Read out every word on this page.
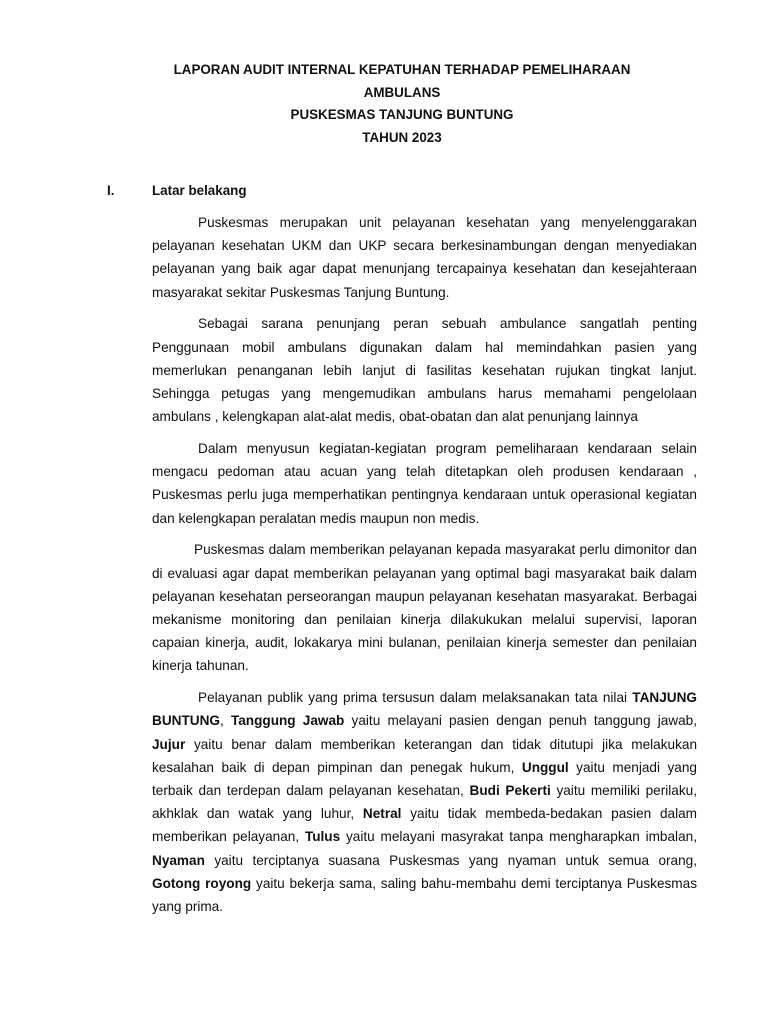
LAPORAN AUDIT INTERNAL KEPATUHAN TERHADAP PEMELIHARAAN
AMBULANS
PUSKESMAS TANJUNG BUNTUNG
TAHUN 2023
I.	Latar belakang

Puskesmas merupakan unit pelayanan kesehatan yang menyelenggarakan pelayanan kesehatan UKM dan UKP secara berkesinambungan dengan menyediakan pelayanan yang baik agar dapat menunjang tercapainya kesehatan dan kesejahteraan masyarakat sekitar Puskesmas Tanjung Buntung.

Sebagai sarana penunjang peran sebuah ambulance sangatlah penting Penggunaan mobil ambulans digunakan dalam hal memindahkan pasien yang memerlukan penanganan lebih lanjut di fasilitas kesehatan rujukan tingkat lanjut. Sehingga petugas yang mengemudikan ambulans harus memahami pengelolaan ambulans , kelengkapan alat-alat medis, obat-obatan dan alat penunjang lainnya

Dalam menyusun kegiatan-kegiatan program pemeliharaan kendaraan selain mengacu pedoman atau acuan yang telah ditetapkan oleh produsen kendaraan , Puskesmas perlu juga memperhatikan pentingnya kendaraan untuk operasional kegiatan dan kelengkapan peralatan medis maupun non medis.

Puskesmas dalam memberikan pelayanan kepada masyarakat perlu dimonitor dan di evaluasi agar dapat memberikan pelayanan yang optimal bagi masyarakat baik dalam pelayanan kesehatan perseorangan maupun pelayanan kesehatan masyarakat. Berbagai mekanisme monitoring dan penilaian kinerja dilakukukan melalui supervisi, laporan capaian kinerja, audit, lokakarya mini bulanan, penilaian kinerja semester dan penilaian kinerja tahunan.

Pelayanan publik yang prima tersusun dalam melaksanakan tata nilai TANJUNG BUNTUNG, Tanggung Jawab yaitu melayani pasien dengan penuh tanggung jawab, Jujur yaitu benar dalam memberikan keterangan dan tidak ditutupi jika melakukan kesalahan baik di depan pimpinan dan penegak hukum, Unggul yaitu menjadi yang terbaik dan terdepan dalam pelayanan kesehatan, Budi Pekerti yaitu memiliki perilaku, akhklak dan watak yang luhur, Netral yaitu tidak membeda-bedakan pasien dalam memberikan pelayanan, Tulus yaitu melayani masyrakat tanpa mengharapkan imbalan, Nyaman yaitu terciptanya suasana Puskesmas yang nyaman untuk semua orang, Gotong royong yaitu bekerja sama, saling bahu-membahu demi terciptanya Puskesmas yang prima.
